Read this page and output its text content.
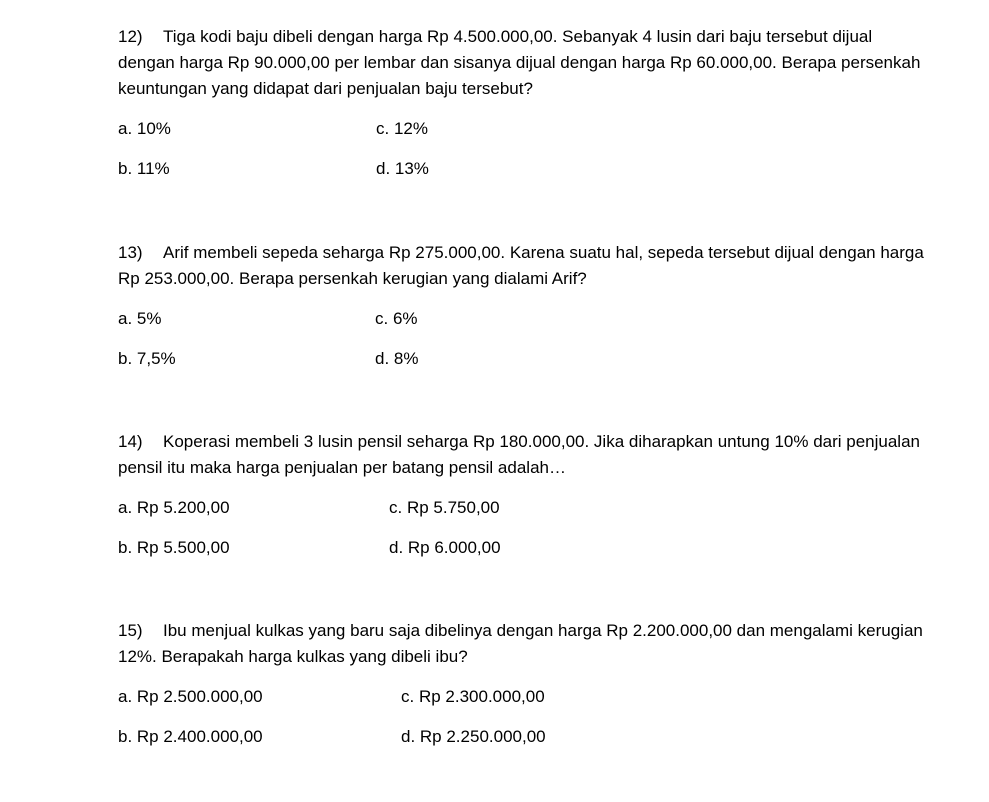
12) Tiga kodi baju dibeli dengan harga Rp 4.500.000,00. Sebanyak 4 lusin dari baju tersebut dijual dengan harga Rp 90.000,00 per lembar dan sisanya dijual dengan harga Rp 60.000,00. Berapa persenkah keuntungan yang didapat dari penjualan baju tersebut?

a. 10%	c. 12%
b. 11%	d. 13%

13) Arif membeli sepeda seharga Rp 275.000,00. Karena suatu hal, sepeda tersebut dijual dengan harga Rp 253.000,00. Berapa persenkah kerugian yang dialami Arif?

a. 5%	c. 6%
b. 7,5%	d. 8%

14) Koperasi membeli 3 lusin pensil seharga Rp 180.000,00. Jika diharapkan untung 10% dari penjualan pensil itu maka harga penjualan per batang pensil adalah…

a. Rp 5.200,00	c. Rp 5.750,00
b. Rp 5.500,00	d. Rp 6.000,00

15) Ibu menjual kulkas yang baru saja dibelinya dengan harga Rp 2.200.000,00 dan mengalami kerugian 12%. Berapakah harga kulkas yang dibeli ibu?

a. Rp 2.500.000,00	c. Rp 2.300.000,00
b. Rp 2.400.000,00	d. Rp 2.250.000,00
